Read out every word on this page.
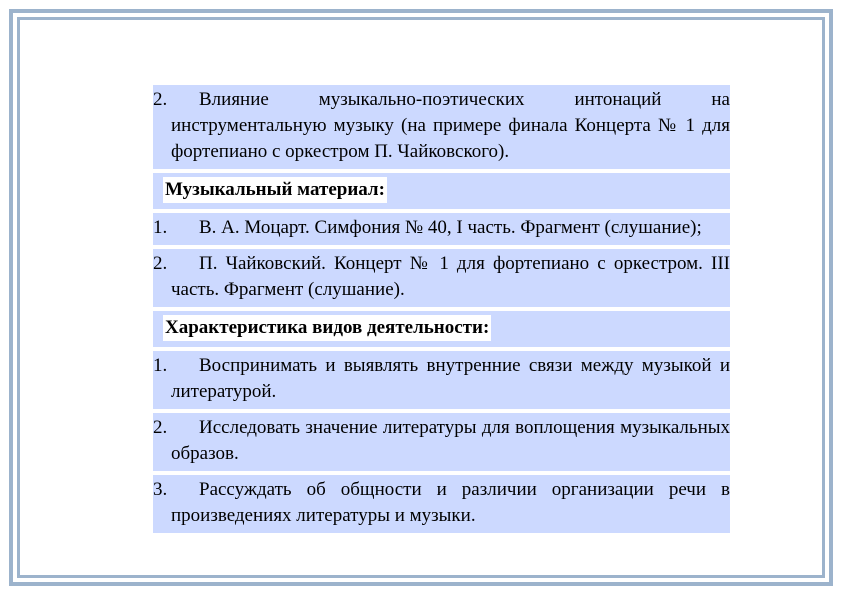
2. Влияние музыкально-поэтических интонаций на инструментальную музыку (на примере финала Концерта № 1 для фортепиано с оркестром П. Чайковского).
Музыкальный материал:
1. В. А. Моцарт. Симфония № 40, I часть. Фрагмент (слушание);
2. П. Чайковский. Концерт № 1 для фортепиано с оркестром. III часть. Фрагмент (слушание).
Характеристика видов деятельности:
1. Воспринимать и выявлять внутренние связи между музыкой и литературой.
2. Исследовать значение литературы для воплощения музыкальных образов.
3. Рассуждать об общности и различии организации речи в произведениях литературы и музыки.
